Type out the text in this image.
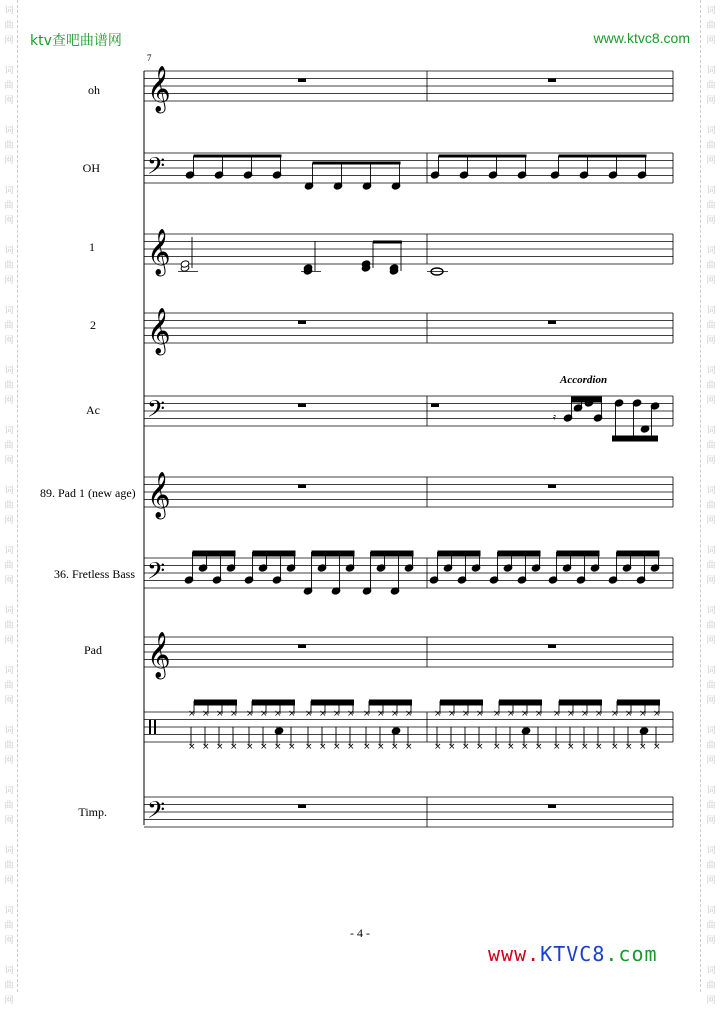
词
曲
网
词
曲
网
词
曲
网
词
曲
网
词
曲
网
词
曲
网
词
曲
网
词
曲
网
词
曲
网
词
曲
网
词
曲
网
词
曲
网
词
曲
网
词
曲
网
词
曲
网
词
曲
网
词
曲
网
词
曲
网
词
曲
网
词
曲
网
词
曲
网
词
曲
网
词
曲
网
词
曲
网
词
曲
网
词
曲
网
词
曲
网
词
曲
网
词
曲
网
词
曲
网
词
曲
网
词
曲
网
词
曲
网
词
曲
网
ktv查吧曲谱网	www.ktvc8.com
7
oh
OH
1
2
Ac
89. Pad 1 (new age)
36. Fretless Bass
Pad
Timp.
Accordion
𝄞
𝄞
𝄞
𝄞
𝄞
𝄢
𝄢
𝄢
𝄢
𝄿
×
×
×
×
×
×
×
×
×
×
×
×
×
×
×
×
×
×
×
×
×
×
×
×
×
×
×
×
×
×
×
×
×
×
×
×
×
×
×
×
×
×
×
×
×
×
×
×
×
×
×
×
×
×
×
×
×
×
×
×
×
×
×
×
- 4 -
www.KTVC8.com
